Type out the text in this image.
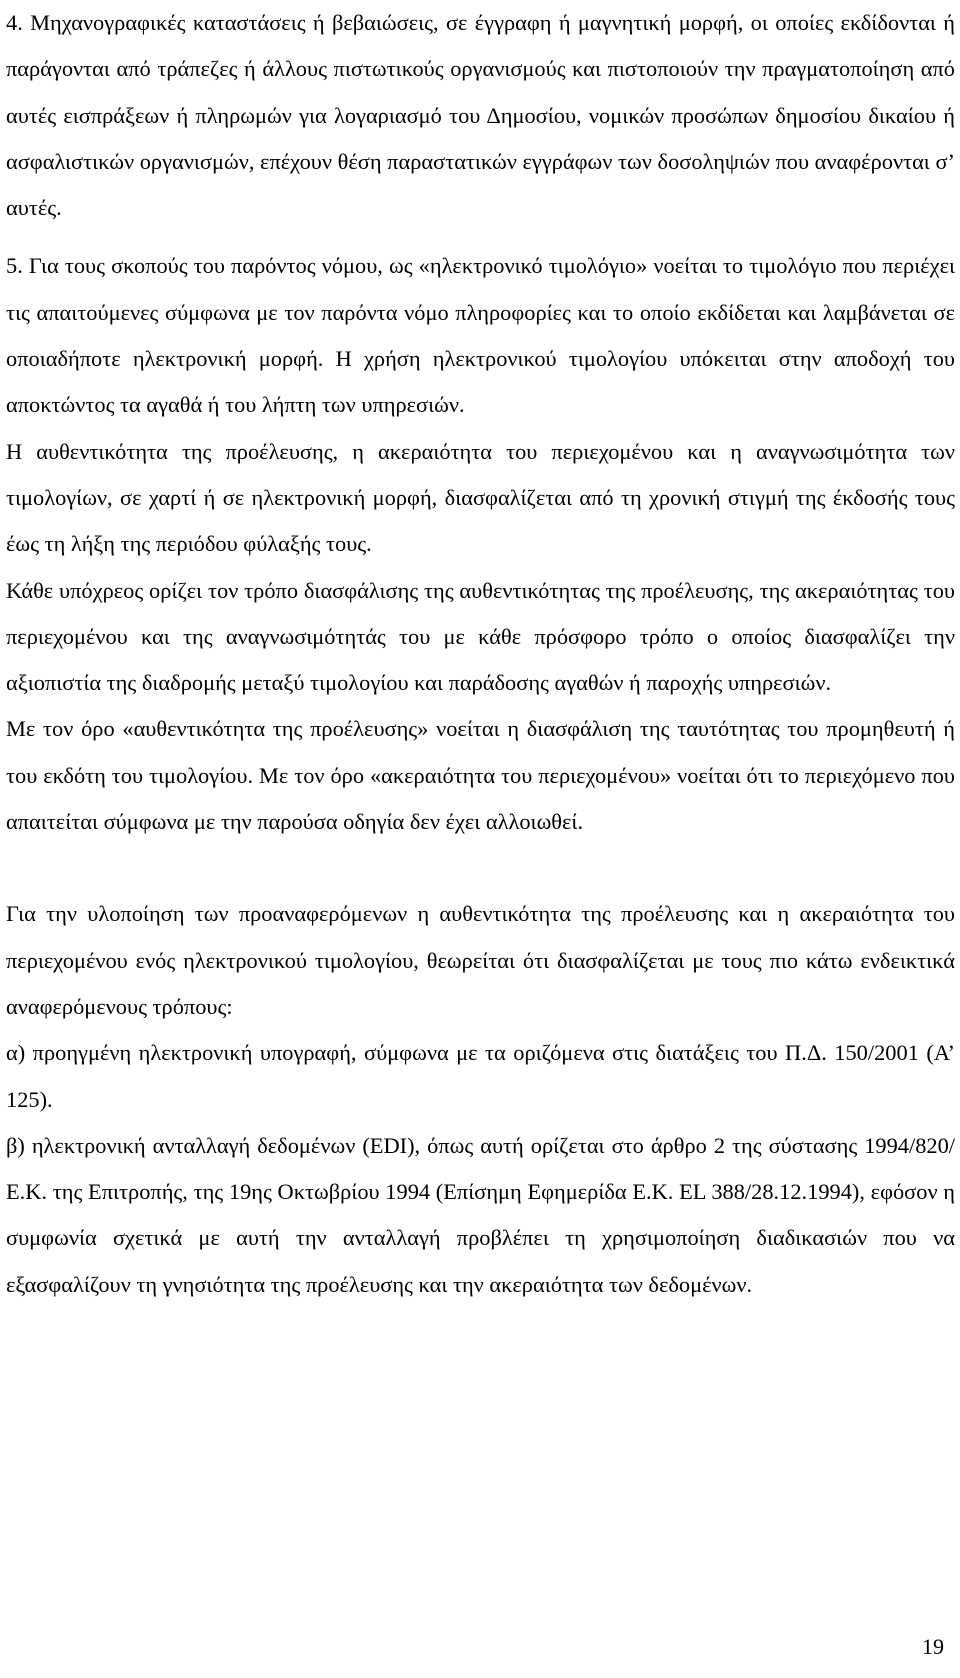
4. Μηχανογραφικές καταστάσεις ή βεβαιώσεις, σε έγγραφη ή μαγνητική μορφή, οι οποίες εκδίδονται ή παράγονται από τράπεζες ή άλλους πιστωτικούς οργανισμούς και πιστοποιούν την πραγματοποίηση από αυτές εισπράξεων ή πληρωμών για λογαριασμό του Δημοσίου, νομικών προσώπων δημοσίου δικαίου ή ασφαλιστικών οργανισμών, επέχουν θέση παραστατικών εγγράφων των δοσοληψιών που αναφέρονται σ’ αυτές.

5. Για τους σκοπούς του παρόντος νόμου, ως «ηλεκτρονικό τιμολόγιο» νοείται το τιμολόγιο που περιέχει τις απαιτούμενες σύμφωνα με τον παρόντα νόμο πληροφορίες και το οποίο εκδίδεται και λαμβάνεται σε οποιαδήποτε ηλεκτρονική μορφή. Η χρήση ηλεκτρονικού τιμολογίου υπόκειται στην αποδοχή του αποκτώντος τα αγαθά ή του λήπτη των υπηρεσιών.

Η αυθεντικότητα της προέλευσης, η ακεραιότητα του περιεχομένου και η αναγνωσιμότητα των τιμολογίων, σε χαρτί ή σε ηλεκτρονική μορφή, διασφαλίζεται από τη χρονική στιγμή της έκδοσής τους έως τη λήξη της περιόδου φύλαξής τους.

Κάθε υπόχρεος ορίζει τον τρόπο διασφάλισης της αυθεντικότητας της προέλευσης, της ακεραιότητας του περιεχομένου και της αναγνωσιμότητάς του με κάθε πρόσφορο τρόπο ο οποίος διασφαλίζει την αξιοπιστία της διαδρομής μεταξύ τιμολογίου και παράδοσης αγαθών ή παροχής υπηρεσιών.

Με τον όρο «αυθεντικότητα της προέλευσης» νοείται η διασφάλιση της ταυτότητας του προμηθευτή ή του εκδότη του τιμολογίου. Με τον όρο «ακεραιότητα του περιεχομένου» νοείται ότι το περιεχόμενο που απαιτείται σύμφωνα με την παρούσα οδηγία δεν έχει αλλοιωθεί.

Για την υλοποίηση των προαναφερόμενων η αυθεντικότητα της προέλευσης και η ακεραιότητα του περιεχομένου ενός ηλεκτρονικού τιμολογίου, θεωρείται ότι διασφαλίζεται με τους πιο κάτω ενδεικτικά αναφερόμενους τρόπους:

α) προηγμένη ηλεκτρονική υπογραφή, σύμφωνα με τα οριζόμενα στις διατάξεις του Π.Δ. 150/2001 (Α’ 125).

β) ηλεκτρονική ανταλλαγή δεδομένων (EDI), όπως αυτή ορίζεται στο άρθρο 2 της σύστασης 1994/820/Ε.Κ. της Επιτροπής, της 19ης Οκτωβρίου 1994 (Επίσημη Εφημερίδα Ε.Κ. EL 388/28.12.1994), εφόσον η συμφωνία σχετικά με αυτή την ανταλλαγή προβλέπει τη χρησιμοποίηση διαδικασιών που να εξασφαλίζουν τη γνησιότητα της προέλευσης και την ακεραιότητα των δεδομένων.

19
